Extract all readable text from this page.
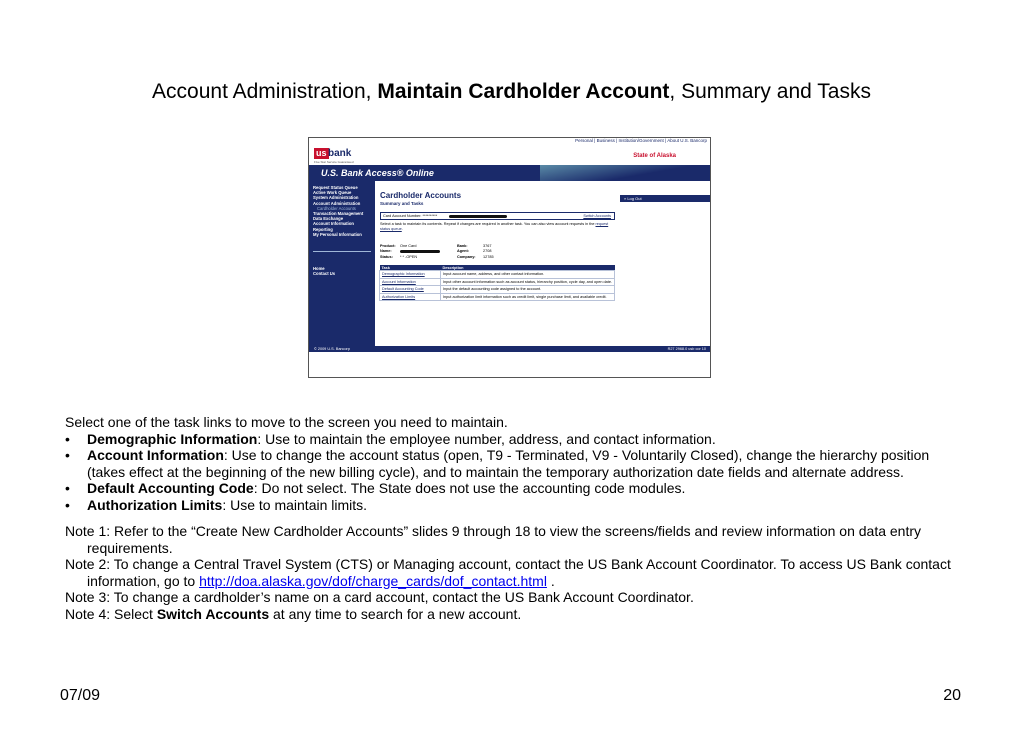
Account Administration, Maintain Cardholder Account, Summary and Tasks
Personal | Business | Institution/Government | About U.S. Bancorp
us bank
Five Star Service Guaranteed
State of Alaska
U.S. Bank Access® Online
Request Status Queue
Active Work Queue
System Administration
Account Administration
Cardholder Accounts
Transaction Management
Data Exchange
Account Information
Reporting
My Personal Information
Home
Contact Us
Cardholder Accounts
Summary and Tasks
» Log Out
Card Account Number: **********	Switch Accounts
Select a task to maintain its contents. Repeat if changes are required in another task. You can also view account requests in the request status queue.
Product: One Card
Name:
Status: * * -OPEN
Bank:	3767
Agent:	2708
Company: 12785
Task	Description
Demographic Information	Input account name, address, and other contact information.
Account Information	Input other account information such as account status, hierarchy position, cycle day, and open date.
Default Accounting Code	Input the default accounting code assigned to the account.
Authorization Limits	Input authorization limit information such as credit limit, single purchase limit, and available credit.
© 2009 U.S. Bancorp	R27 2968.0 usb cor 10

Select one of the task links to move to the screen you need to maintain.

• Demographic Information: Use to maintain the employee number, address, and contact information.

• Account Information: Use to change the account status (open, T9 - Terminated, V9 - Voluntarily Closed), change the hierarchy position (takes effect at the beginning of the new billing cycle), and to maintain the temporary authorization date fields and alternate address.

• Default Accounting Code: Do not select. The State does not use the accounting code modules.

• Authorization Limits: Use to maintain limits.

Note 1: Refer to the “Create New Cardholder Accounts” slides 9 through 18 to view the screens/fields and review information on data entry requirements.

Note 2: To change a Central Travel System (CTS) or Managing account, contact the US Bank Account Coordinator. To access US Bank contact information, go to http://doa.alaska.gov/dof/charge_cards/dof_contact.html .

Note 3: To change a cardholder’s name on a card account, contact the US Bank Account Coordinator.

Note 4: Select Switch Accounts at any time to search for a new account.

07/09	20
